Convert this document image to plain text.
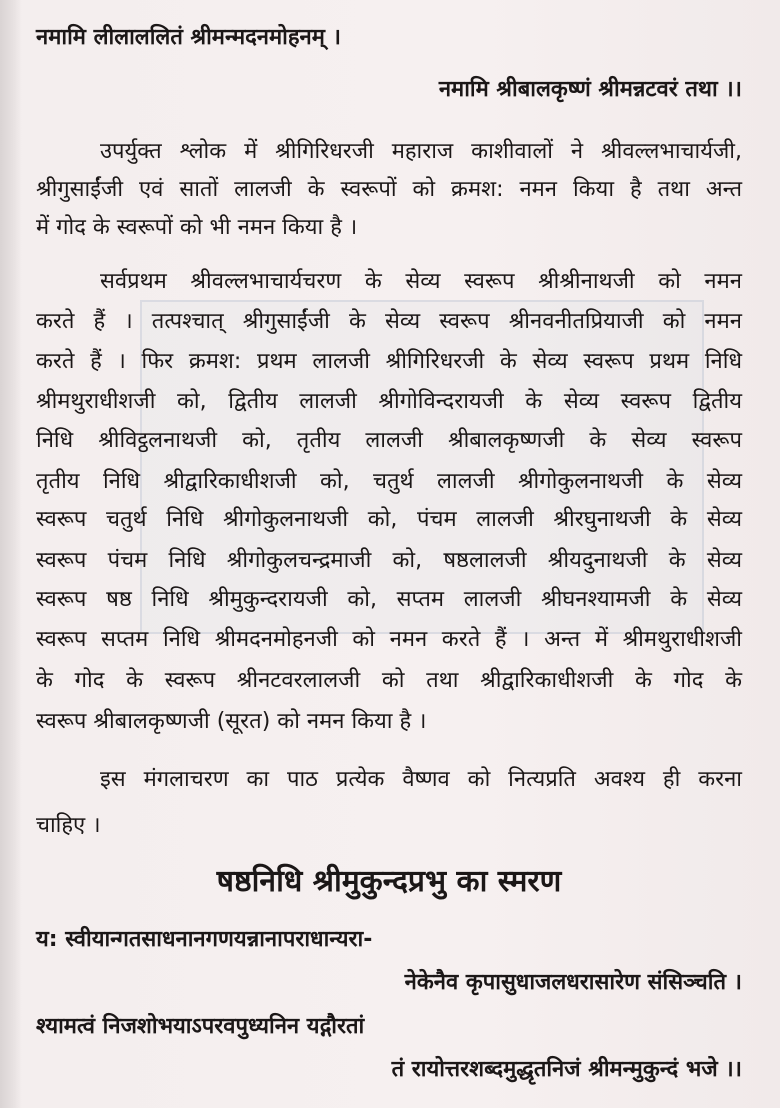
नमामि लीलाललितं श्रीमन्मदनमोहनम् ।
नमामि श्रीबालकृष्णं श्रीमन्नटवरं तथा ।।
उपर्युक्त श्लोक में श्रीगिरिधरजी महाराज काशीवालों ने श्रीवल्लभाचार्यजी,
श्रीगुसाईंजी एवं सातों लालजी के स्वरूपों को क्रमश: नमन किया है तथा अन्त
में गोद के स्वरूपों को भी नमन किया है ।
सर्वप्रथम श्रीवल्लभाचार्यचरण के सेव्य स्वरूप श्रीश्रीनाथजी को नमन
करते हैं । तत्पश्चात् श्रीगुसाईंजी के सेव्य स्वरूप श्रीनवनीतप्रियाजी को नमन
करते हैं । फिर क्रमश: प्रथम लालजी श्रीगिरिधरजी के सेव्य स्वरूप प्रथम निधि
श्रीमथुराधीशजी को, द्वितीय लालजी श्रीगोविन्दरायजी के सेव्य स्वरूप द्वितीय
निधि श्रीविट्ठलनाथजी को, तृतीय लालजी श्रीबालकृष्णजी के सेव्य स्वरूप
तृतीय निधि श्रीद्वारिकाधीशजी को, चतुर्थ लालजी श्रीगोकुलनाथजी के सेव्य
स्वरूप चतुर्थ निधि श्रीगोकुलनाथजी को, पंचम लालजी श्रीरघुनाथजी के सेव्य
स्वरूप पंचम निधि श्रीगोकुलचन्द्रमाजी को, षष्ठलालजी श्रीयदुनाथजी के सेव्य
स्वरूप षष्ठ निधि श्रीमुकुन्दरायजी को, सप्तम लालजी श्रीघनश्यामजी के सेव्य
स्वरूप सप्तम निधि श्रीमदनमोहनजी को नमन करते हैं । अन्त में श्रीमथुराधीशजी
के गोद के स्वरूप श्रीनटवरलालजी को तथा श्रीद्वारिकाधीशजी के गोद के
स्वरूप श्रीबालकृष्णजी (सूरत) को नमन किया है ।
इस मंगलाचरण का पाठ प्रत्येक वैष्णव को नित्यप्रति अवश्य ही करना
चाहिए ।
षष्ठनिधि श्रीमुकुन्दप्रभु का स्मरण
य: स्वीयान्गतसाधनानगणयन्नानापराधान्यरा-
नेकेनैव कृपासुधाजलधरासारेण संसिञ्चति ।
श्यामत्वं निजशोभयाऽपरवपुध्यनिन यद्गौरतां
तं रायोत्तरशब्दमुद्धृतनिजं श्रीमन्मुकुन्दं भजे ।।
